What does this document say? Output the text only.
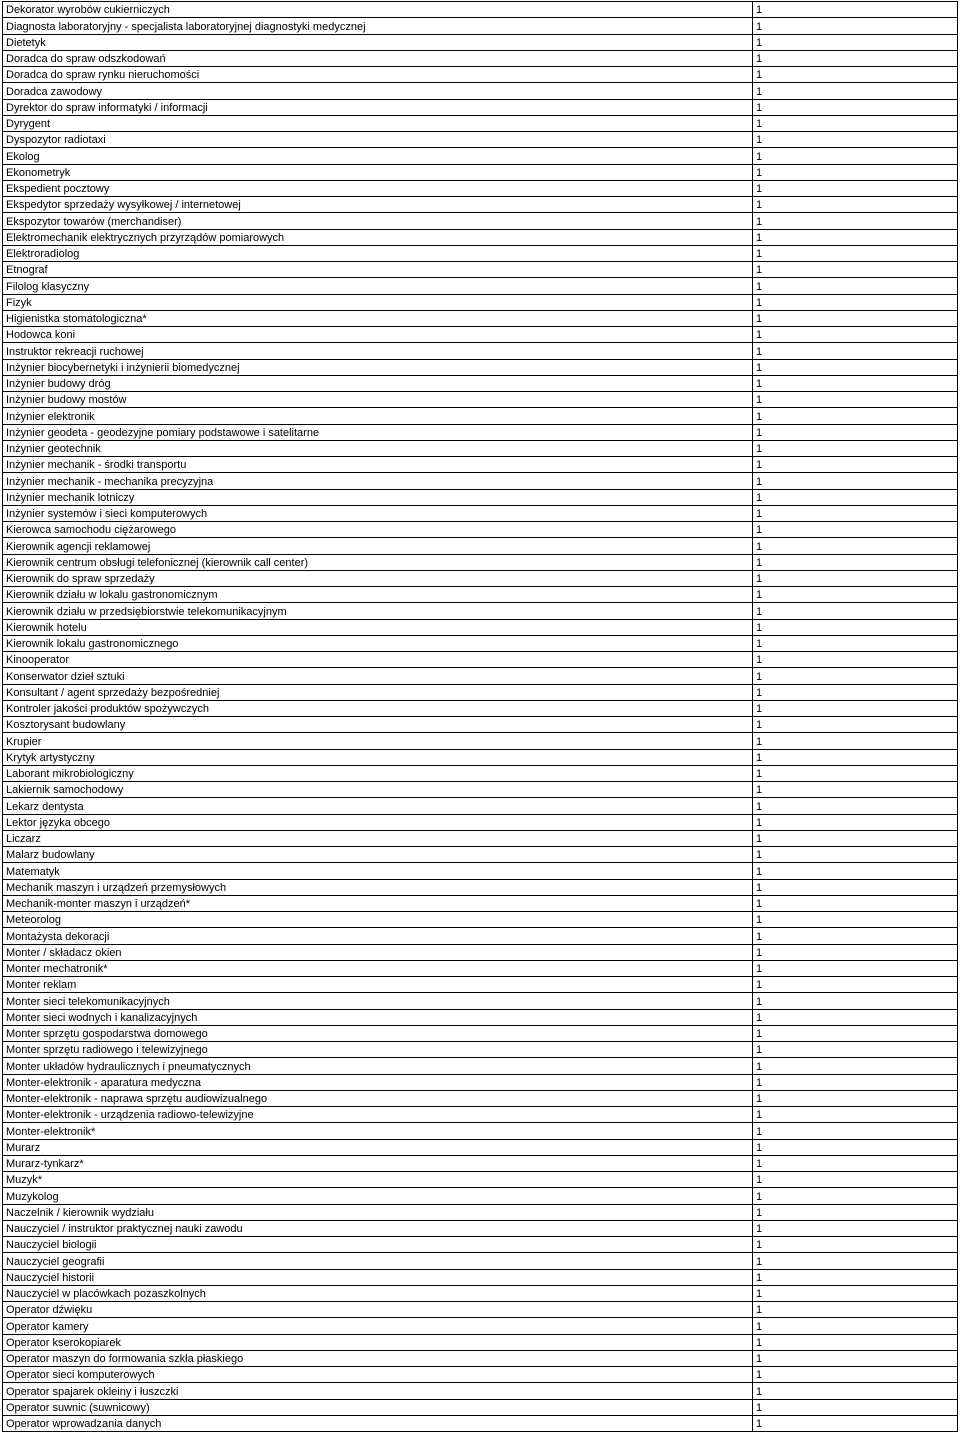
Dekorator wyrobów cukierniczych	1
Diagnosta laboratoryjny - specjalista laboratoryjnej diagnostyki medycznej	1
Dietetyk	1
Doradca do spraw odszkodowań	1
Doradca do spraw rynku nieruchomości	1
Doradca zawodowy	1
Dyrektor do spraw informatyki / informacji	1
Dyrygent	1
Dyspozytor radiotaxi	1
Ekolog	1
Ekonometryk	1
Ekspedient pocztowy	1
Ekspedytor sprzedaży wysyłkowej / internetowej	1
Ekspozytor towarów (merchandiser)	1
Elektromechanik elektrycznych przyrządów pomiarowych	1
Elektroradiolog	1
Etnograf	1
Filolog klasyczny	1
Fizyk	1
Higienistka stomatologiczna*	1
Hodowca koni	1
Instruktor rekreacji ruchowej	1
Inżynier biocybernetyki i inżynierii biomedycznej	1
Inżynier budowy dróg	1
Inżynier budowy mostów	1
Inżynier elektronik	1
Inżynier geodeta - geodezyjne pomiary podstawowe i satelitarne	1
Inżynier geotechnik	1
Inżynier mechanik - środki transportu	1
Inżynier mechanik - mechanika precyzyjna	1
Inżynier mechanik lotniczy	1
Inżynier systemów i sieci komputerowych	1
Kierowca samochodu ciężarowego	1
Kierownik agencji reklamowej	1
Kierownik centrum obsługi telefonicznej (kierownik call center)	1
Kierownik do spraw sprzedaży	1
Kierownik działu w lokalu gastronomicznym	1
Kierownik działu w przedsiębiorstwie telekomunikacyjnym	1
Kierownik hotelu	1
Kierownik lokalu gastronomicznego	1
Kinooperator	1
Konserwator dzieł sztuki	1
Konsultant / agent sprzedaży bezpośredniej	1
Kontroler jakości produktów spożywczych	1
Kosztorysant budowlany	1
Krupier	1
Krytyk artystyczny	1
Laborant mikrobiologiczny	1
Lakiernik samochodowy	1
Lekarz dentysta	1
Lektor języka obcego	1
Liczarz	1
Malarz budowlany	1
Matematyk	1
Mechanik maszyn i urządzeń przemysłowych	1
Mechanik-monter maszyn i urządzeń*	1
Meteorolog	1
Montażysta dekoracji	1
Monter / składacz okien	1
Monter mechatronik*	1
Monter reklam	1
Monter sieci telekomunikacyjnych	1
Monter sieci wodnych i kanalizacyjnych	1
Monter sprzętu gospodarstwa domowego	1
Monter sprzętu radiowego i telewizyjnego	1
Monter układów hydraulicznych i pneumatycznych	1
Monter-elektronik - aparatura medyczna	1
Monter-elektronik - naprawa sprzętu audiowizualnego	1
Monter-elektronik - urządzenia radiowo-telewizyjne	1
Monter-elektronik*	1
Murarz	1
Murarz-tynkarz*	1
Muzyk*	1
Muzykolog	1
Naczelnik / kierownik wydziału	1
Nauczyciel / instruktor praktycznej nauki zawodu	1
Nauczyciel biologii	1
Nauczyciel geografii	1
Nauczyciel historii	1
Nauczyciel w placówkach pozaszkolnych	1
Operator dźwięku	1
Operator kamery	1
Operator kserokopiarek	1
Operator maszyn do formowania szkła płaskiego	1
Operator sieci komputerowych	1
Operator spajarek okleiny i łuszczki	1
Operator suwnic (suwnicowy)	1
Operator wprowadzania danych	1
